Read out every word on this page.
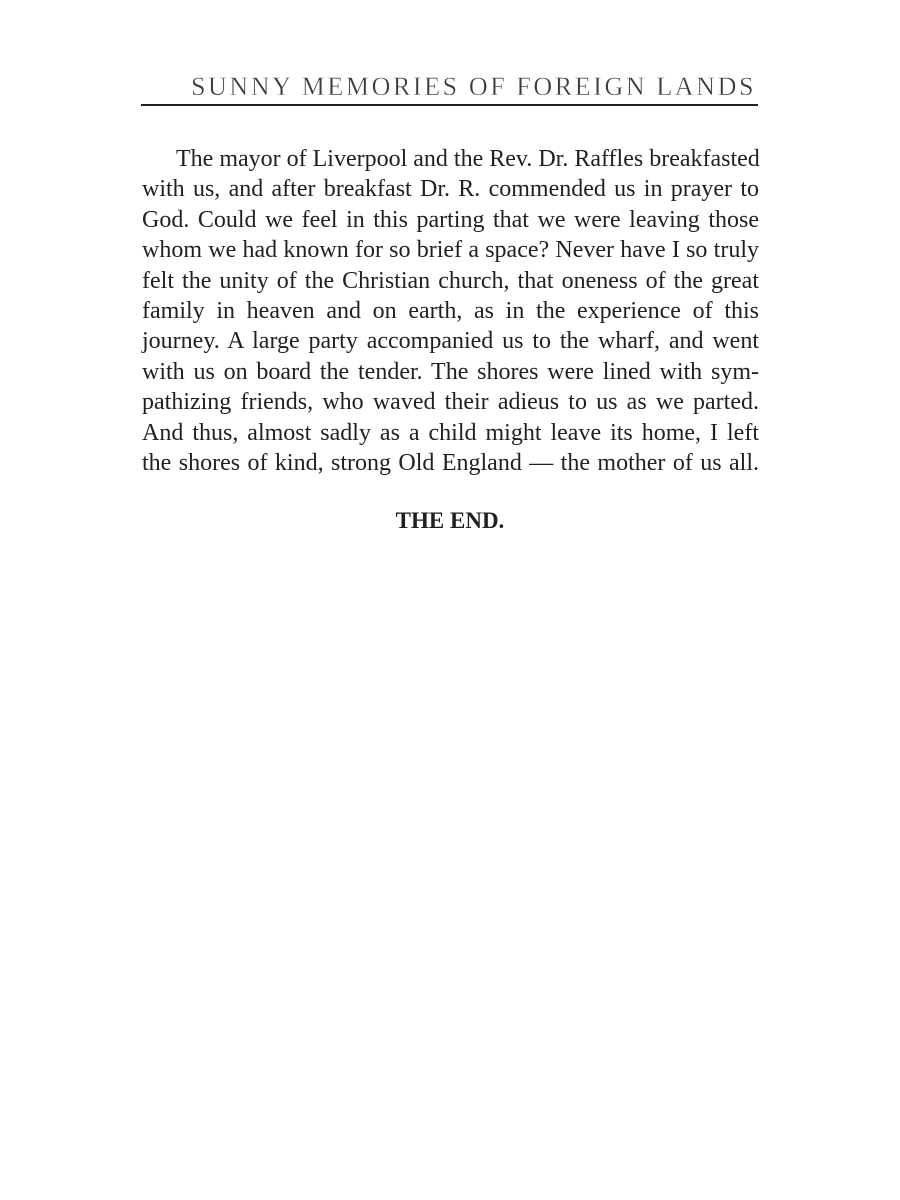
SUNNY MEMORIES OF FOREIGN LANDS
The mayor of Liverpool and the Rev. Dr. Raffles breakfasted
with us, and after breakfast Dr. R. commended us in prayer to
God. Could we feel in this parting that we were leaving those
whom we had known for so brief a space? Never have I so truly
felt the unity of the Christian church, that oneness of the great
family in heaven and on earth, as in the experience of this
journey. A large party accompanied us to the wharf, and went
with us on board the tender. The shores were lined with sym-
pathizing friends, who waved their adieus to us as we parted.
And thus, almost sadly as a child might leave its home, I left
the shores of kind, strong Old England — the mother of us all.

THE END.
